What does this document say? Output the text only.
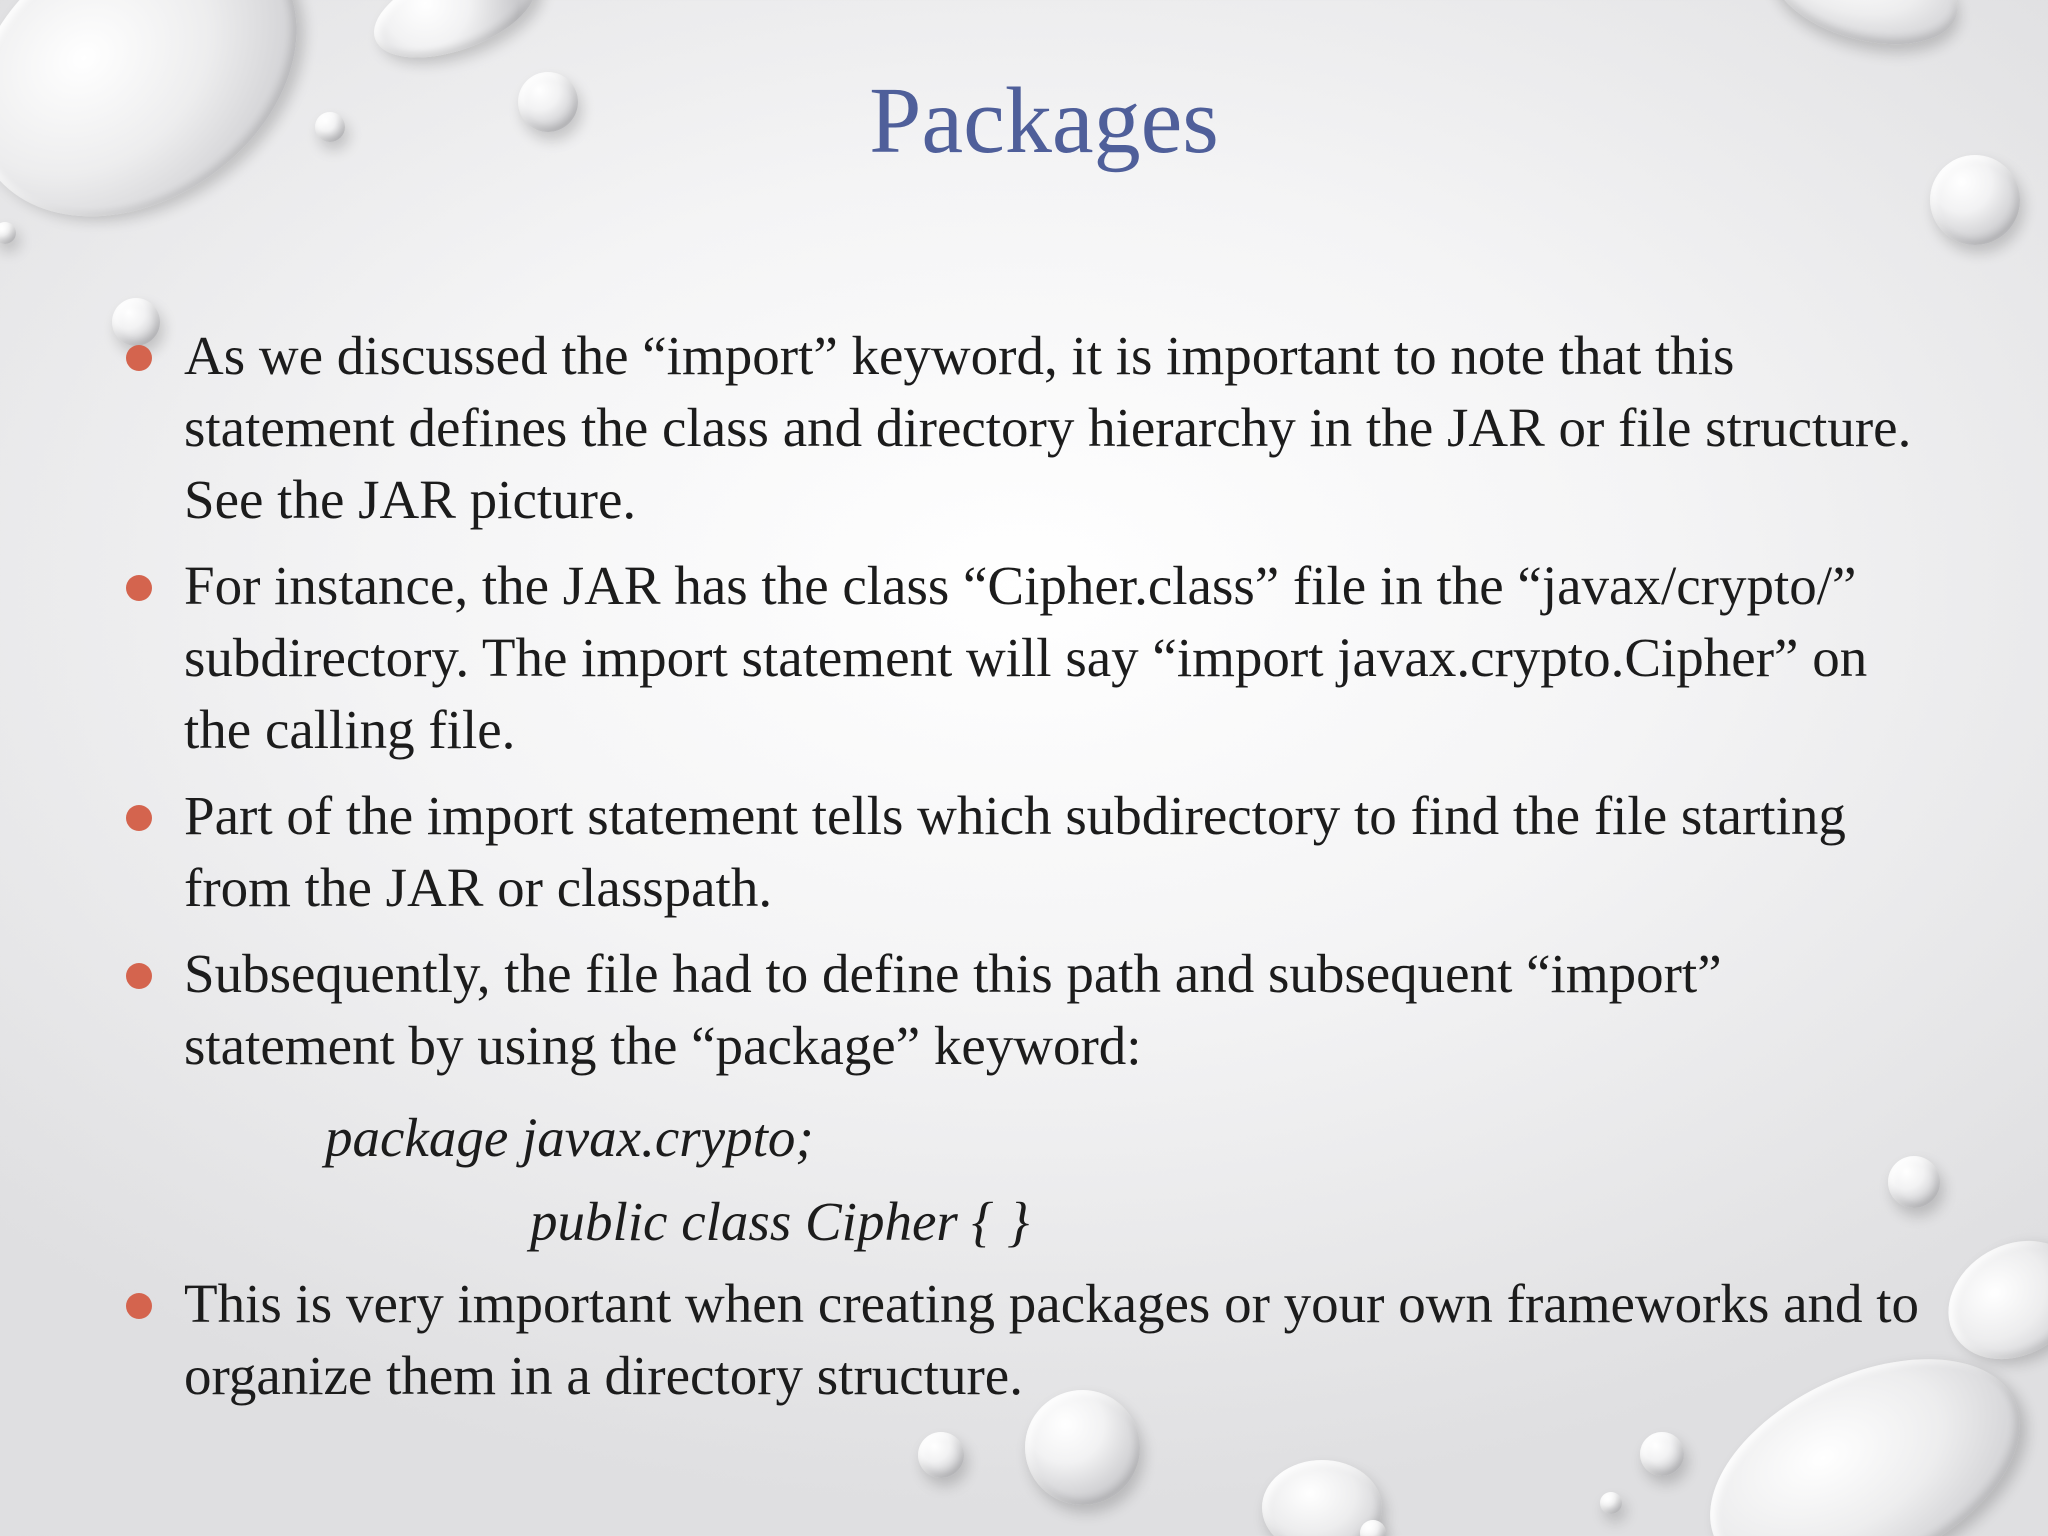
Packages
As we discussed the “import” keyword, it is important to note that this statement defines the class and directory hierarchy in the JAR or file structure. See the JAR picture.
For instance, the JAR has the class “Cipher.class” file in the “javax/crypto/” subdirectory. The import statement will say “import javax.crypto.Cipher” on the calling file.
Part of the import statement tells which subdirectory to find the file starting from the JAR or classpath.
Subsequently, the file had to define this path and subsequent “import” statement by using the “package” keyword:
package javax.crypto;
public class Cipher { }
This is very important when creating packages or your own frameworks and to organize them in a directory structure.
